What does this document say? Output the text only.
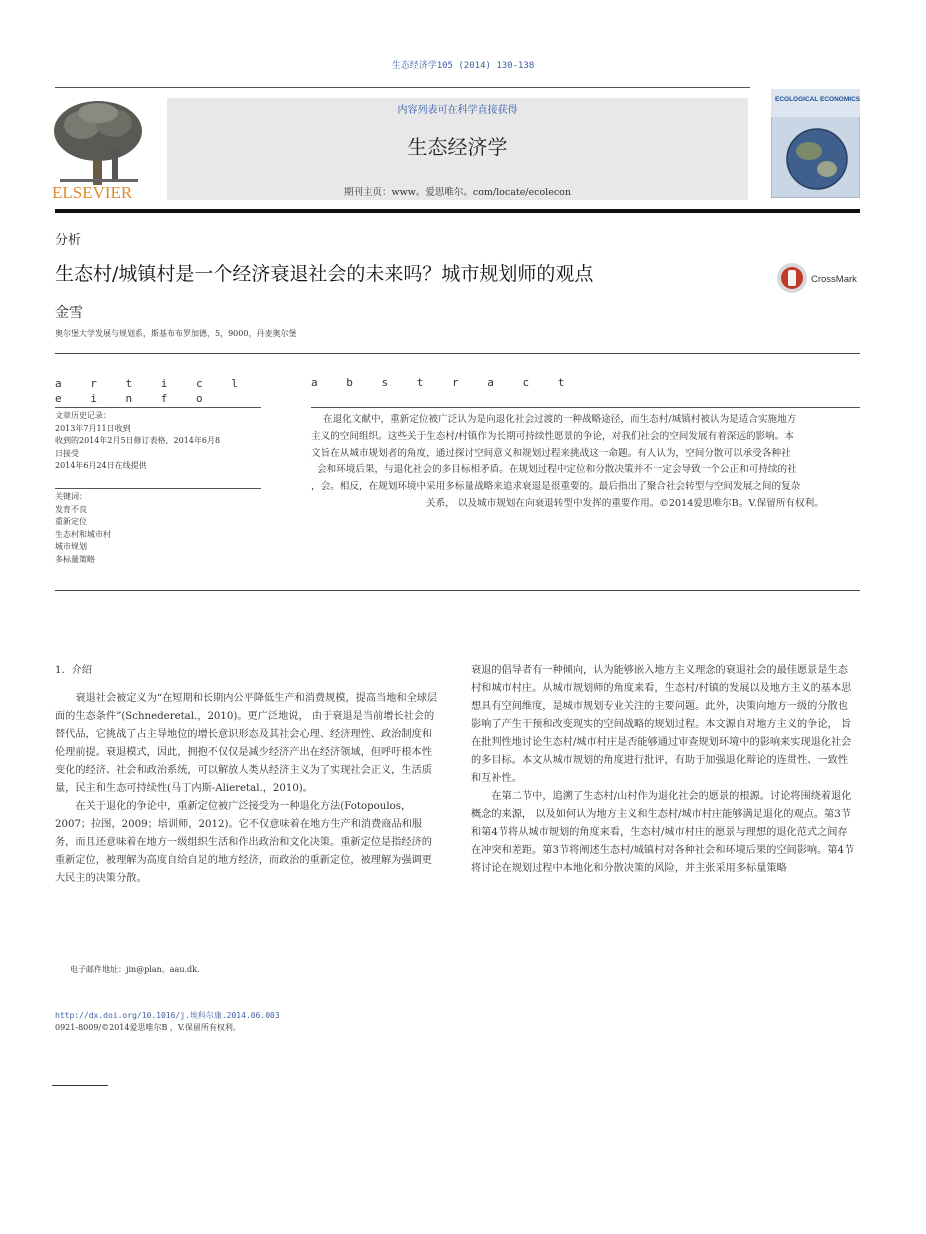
生态经济学105 (2014) 130-138
ELSEVIER
内容列表可在科学直接获得
生态经济学
期刊主页：www。爱思唯尔。com/locate/ecolecon
ECOLOGICAL ECONOMICS
分析
生态村/城镇村是一个经济衰退社会的未来吗？城市规划师的观点	CrossMark
金雪
奥尔堡大学发展与规划系，斯基布布罗加德，5，9000，丹麦奥尔堡
a r t i c l e i n f o
a b s t r a c t
文章历史记录：
2013年7月11日收到
收到的2014年2月5日修订表格，2014年6月8
日接受
2014年6月24日在线提供
关键词：
发育不良
重新定位
生态村和城市村
城市规划
多标量策略
在退化文献中，重新定位被广泛认为是向退化社会过渡的一种战略途径，而生态村/城镇村被认为是适合实施地方
主义的空间组织。这些关于生态村/村镇作为长期可持续性愿景的争论，对我们社会的空间发展有着深远的影响。本
文旨在从城市规划者的角度，通过探讨空间意义和规划过程来挑战这一命题。有人认为，空间分散可以承受各种社
会和环境后果，与退化社会的多目标相矛盾。在规划过程中定位和分散决策并不一定会导致一个公正和可持续的社
，会。相反，在规划环境中采用多标量战略来追求衰退是很重要的。最后指出了聚合社会转型与空间发展之间的复杂
关系， 以及城市规划在向衰退转型中发挥的重要作用。©2014爱思唯尔B。V.保留所有权利。

1．介绍

衰退社会被定义为“在短期和长期内公平降低生产和消费规模，提高当地和全球层面的生态条件”(Schnederetal.，2010)。更广泛地说， 由于衰退是当前增长社会的替代品，它挑战了占主导地位的增长意识形态及其社会心理、经济理性、政治制度和伦理前提。衰退模式，因此，拥抱不仅仅是减少经济产出在经济领域，但呼吁根本性变化的经济、社会和政治系统，可以解放人类从经济主义为了实现社会正义，生活质量，民主和生态可持续性(马丁内斯-Alieretal.，2010)。

在关于退化的争论中，重新定位被广泛接受为一种退化方法(Fotopoulos，2007；拉图，2009；培训师，2012)。它不仅意味着在地方生产和消费商品和服务，而且还意味着在地方一级组织生活和作出政治和文化决策。重新定位是指经济的重新定位，被理解为高度自给自足的地方经济，而政治的重新定位，被理解为强调更大民主的决策分散。

衰退的倡导者有一种倾向，认为能够嵌入地方主义理念的衰退社会的最佳愿景是生态村和城市村庄。从城市规划师的角度来看，生态村/村镇的发展以及地方主义的基本思想具有空间维度，是城市规划专业关注的主要问题。此外，决策向地方一级的分散也影响了产生干预和改变现实的空间战略的规划过程。本文源自对地方主义的争论， 旨在批判性地讨论生态村/城市村庄是否能够通过审查规划环境中的影响来实现退化社会的多目标。本文从城市规划的角度进行批评，有助于加强退化辩论的连贯性、一致性和互补性。

在第二节中，追溯了生态村/山村作为退化社会的愿景的根源。讨论将围绕着退化概念的来源， 以及如何认为地方主义和生态村/城市村庄能够满足退化的观点。第3节和第4节将从城市规划的角度来看，生态村/城市村庄的愿景与理想的退化范式之间存在冲突和差距。第3节将阐述生态村/城镇村对各种社会和环境后果的空间影响。第4节将讨论在规划过程中本地化和分散决策的风险，并主张采用多标量策略

电子邮件地址：jin@plan。aau.dk.
http://dx.doi.org/10.1016/j.埃科尔康.2014.06.003
0921-8009/©2014爱思唯尔B ，V.保留所有权利。
